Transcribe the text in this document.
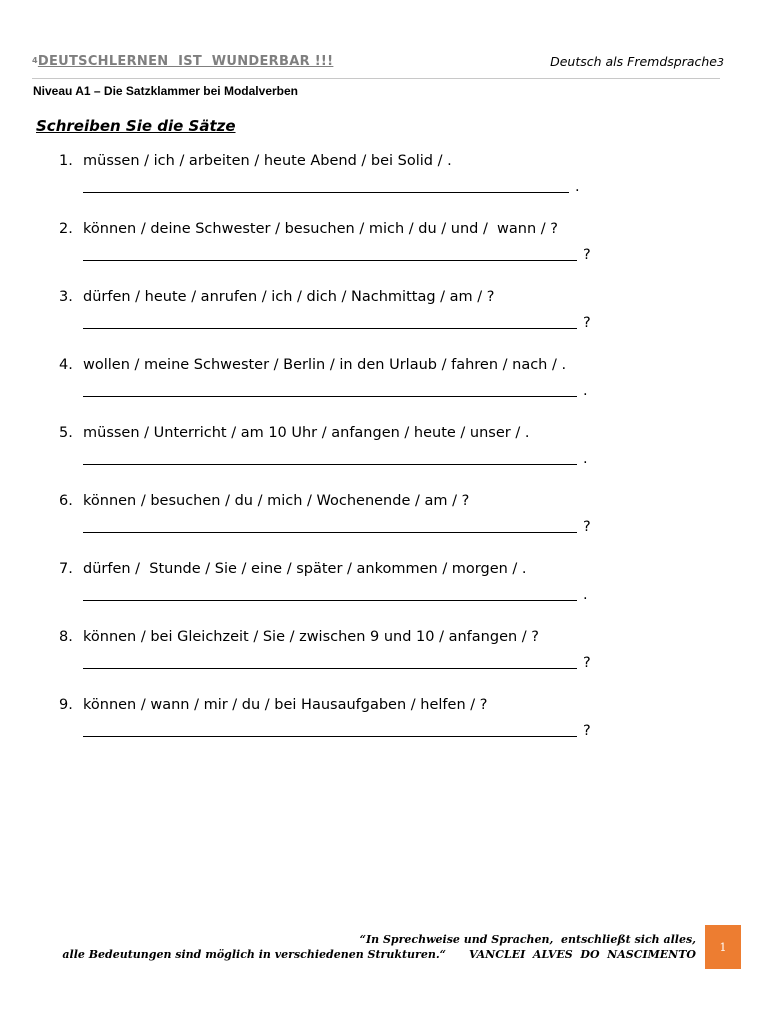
4DEUTSCHLERNEN  IST  WUNDERBAR !!!	Deutsch als Fremdsprache3
Niveau A1 – Die Satzklammer bei Modalverben
Schreiben Sie die Sätze
1. müssen / ich / arbeiten / heute Abend / bei Solid / .
.
2. können / deine Schwester / besuchen / mich / du / und /  wann / ?
?
3. dürfen / heute / anrufen / ich / dich / Nachmittag / am / ?
?
4. wollen / meine Schwester / Berlin / in den Urlaub / fahren / nach / .
.
5. müssen / Unterricht / am 10 Uhr / anfangen / heute / unser / .
.
6. können / besuchen / du / mich / Wochenende / am / ?
?
7. dürfen /  Stunde / Sie / eine / später / ankommen / morgen / .
.
8. können / bei Gleichzeit / Sie / zwischen 9 und 10 / anfangen / ?
?
9. können / wann / mir / du / bei Hausaufgaben / helfen / ?
?
“In Sprechweise und Sprachen,  entschließt sich alles,
alle Bedeutungen sind möglich in verschiedenen Strukturen.“      VANCLEI  ALVES  DO  NASCIMENTO
1
